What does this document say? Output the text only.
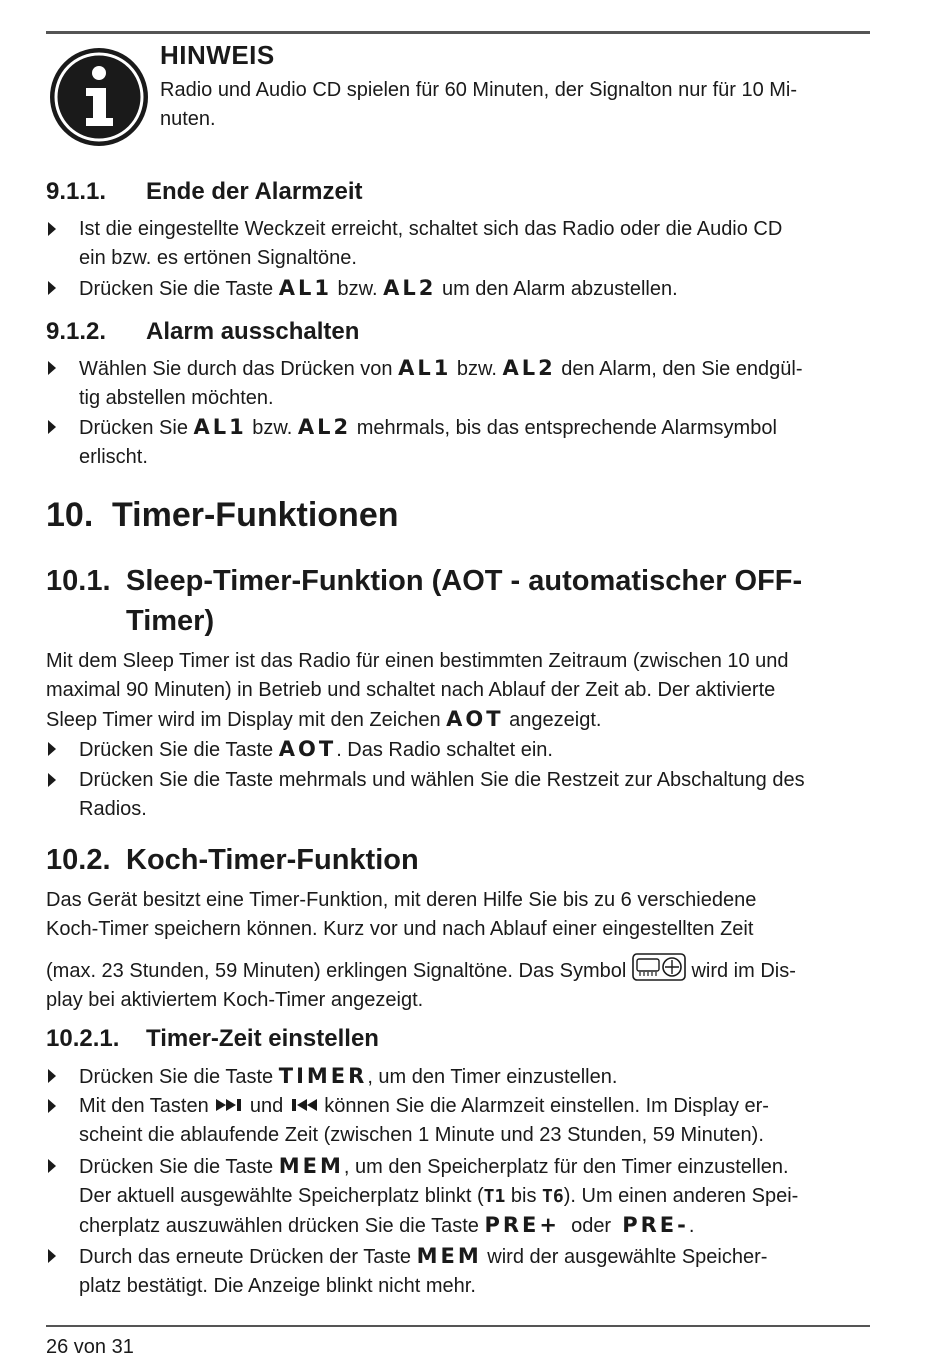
HINWEIS
Radio und Audio CD spielen für 60 Minuten, der Signalton nur für 10 Mi-
nuten.
9.1.1. Ende der Alarmzeit
Ist die eingestellte Weckzeit erreicht, schaltet sich das Radio oder die Audio CD
ein bzw. es ertönen Signaltöne.
Drücken Sie die Taste AL1 bzw. AL2 um den Alarm abzustellen.
9.1.2. Alarm ausschalten
Wählen Sie durch das Drücken von AL1 bzw. AL2 den Alarm, den Sie endgül-
tig abstellen möchten.
Drücken Sie AL1 bzw. AL2 mehrmals, bis das entsprechende Alarmsymbol
erlischt.
10. Timer-Funktionen
10.1. Sleep-Timer-Funktion (AOT - automatischer OFF-
Timer)
Mit dem Sleep Timer ist das Radio für einen bestimmten Zeitraum (zwischen 10 und
maximal 90 Minuten) in Betrieb und schaltet nach Ablauf der Zeit ab. Der aktivierte
Sleep Timer wird im Display mit den Zeichen AOT angezeigt.
Drücken Sie die Taste AOT. Das Radio schaltet ein.
Drücken Sie die Taste mehrmals und wählen Sie die Restzeit zur Abschaltung des
Radios.
10.2. Koch-Timer-Funktion
Das Gerät besitzt eine Timer-Funktion, mit deren Hilfe Sie bis zu 6 verschiedene
Koch-Timer speichern können. Kurz vor und nach Ablauf einer eingestellten Zeit
(max. 23 Stunden, 59 Minuten) erklingen Signaltöne. Das Symbol	wird im Dis-
play bei aktiviertem Koch-Timer angezeigt.
10.2.1. Timer-Zeit einstellen
Drücken Sie die Taste TIMER, um den Timer einzustellen.
Mit den Tasten  und  können Sie die Alarmzeit einstellen. Im Display er-
scheint die ablaufende Zeit (zwischen 1 Minute und 23 Stunden, 59 Minuten).
Drücken Sie die Taste MEM, um den Speicherplatz für den Timer einzustellen.
Der aktuell ausgewählte Speicherplatz blinkt (T1 bis T6). Um einen anderen Spei-
cherplatz auszuwählen drücken Sie die Taste PRE+  oder  PRE-.
Durch das erneute Drücken der Taste MEM wird der ausgewählte Speicher-
platz bestätigt. Die Anzeige blinkt nicht mehr.
26 von 31
